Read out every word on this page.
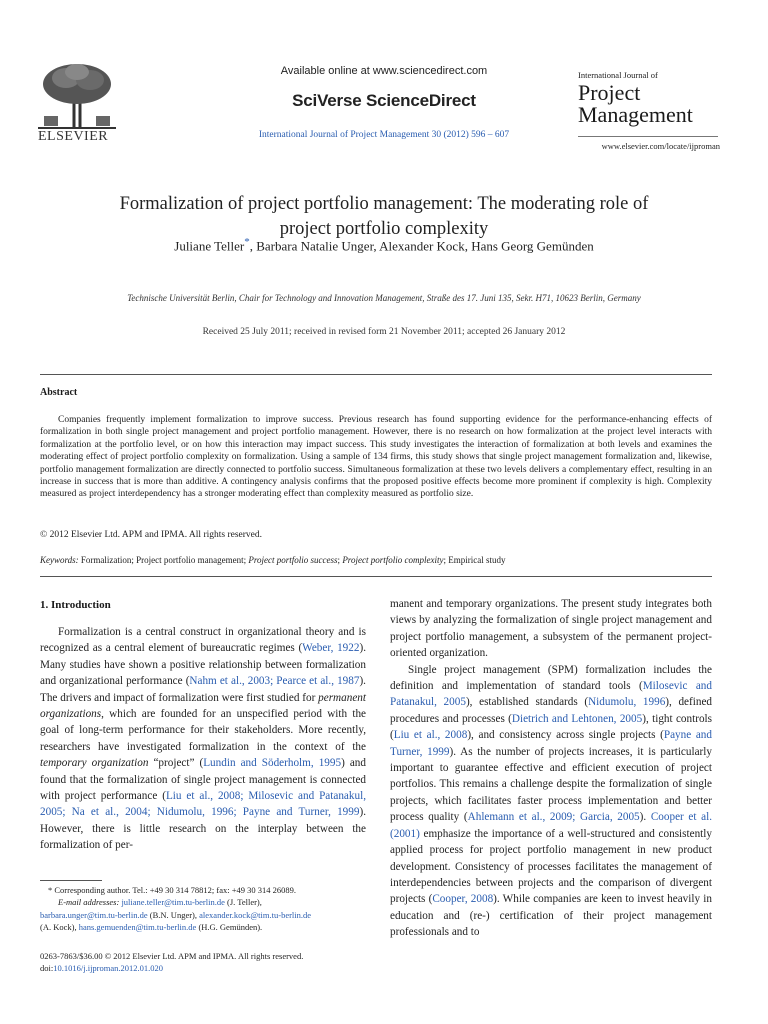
ELSEVIER
Available online at www.sciencedirect.com
SciVerse ScienceDirect
International Journal of Project Management 30 (2012) 596 – 607
International Journal of
Project
Management
www.elsevier.com/locate/ijproman
Formalization of project portfolio management: The moderating role of
project portfolio complexity
Juliane Teller*, Barbara Natalie Unger, Alexander Kock, Hans Georg Gemünden
Technische Universität Berlin, Chair for Technology and Innovation Management, Straße des 17. Juni 135, Sekr. H71, 10623 Berlin, Germany
Received 25 July 2011; received in revised form 21 November 2011; accepted 26 January 2012
Abstract
Companies frequently implement formalization to improve success. Previous research has found supporting evidence for the performance-enhancing effects of formalization in both single project management and project portfolio management. However, there is no research on how formalization at the project level interacts with formalization at the portfolio level, or on how this interaction may impact success. This study investigates the interaction of formalization at both levels and examines the moderating effect of project portfolio complexity on formalization. Using a sample of 134 firms, this study shows that single project management formalization and, likewise, portfolio management formalization are directly connected to portfolio success. Simultaneous formalization at these two levels delivers a complementary effect, resulting in an increase in success that is more than additive. A contingency analysis confirms that the proposed positive effects become more prominent if complexity is high. Complexity measured as project interdependency has a stronger moderating effect than complexity measured as portfolio size.
© 2012 Elsevier Ltd. APM and IPMA. All rights reserved.
Keywords: Formalization; Project portfolio management; Project portfolio success; Project portfolio complexity; Empirical study
1. Introduction

Formalization is a central construct in organizational theory and is recognized as a central element of bureaucratic regimes (Weber, 1922). Many studies have shown a positive relationship between formalization and organizational performance (Nahm et al., 2003; Pearce et al., 1987). The drivers and impact of formalization were first studied for permanent organizations, which are founded for an unspecified period with the goal of long-term performance for their stakeholders. More recently, researchers have investigated formalization in the context of the temporary organization “project” (Lundin and Söderholm, 1995) and found that the formalization of single project management is connected with project performance (Liu et al., 2008; Milosevic and Patanakul, 2005; Na et al., 2004; Nidumolu, 1996; Payne and Turner, 1999). However, there is little research on the interplay between the formalization of per-

manent and temporary organizations. The present study integrates both views by analyzing the formalization of single project management and project portfolio management, a subsystem of the permanent project-oriented organization.

Single project management (SPM) formalization includes the definition and implementation of standard tools (Milosevic and Patanakul, 2005), established standards (Nidumolu, 1996), defined procedures and processes (Dietrich and Lehtonen, 2005), tight controls (Liu et al., 2008), and consistency across single projects (Payne and Turner, 1999). As the number of projects increases, it is particularly important to guarantee effective and efficient execution of project portfolios. This remains a challenge despite the formalization of single projects, which facilitates faster process implementation and better process quality (Ahlemann et al., 2009; Garcia, 2005). Cooper et al. (2001) emphasize the importance of a well-structured and consistently applied process for project portfolio management in new product development. Consistency of processes facilitates the management of interdependencies between projects and the comparison of divergent projects (Cooper, 2008). While companies are keen to invest heavily in education and (re-) certification of their project management professionals and to

* Corresponding author. Tel.: +49 30 314 78812; fax: +49 30 314 26089.
E-mail addresses: juliane.teller@tim.tu-berlin.de (J. Teller),
barbara.unger@tim.tu-berlin.de (B.N. Unger), alexander.kock@tim.tu-berlin.de
(A. Kock), hans.gemuenden@tim.tu-berlin.de (H.G. Gemünden).
0263-7863/$36.00 © 2012 Elsevier Ltd. APM and IPMA. All rights reserved.
doi:10.1016/j.ijproman.2012.01.020
